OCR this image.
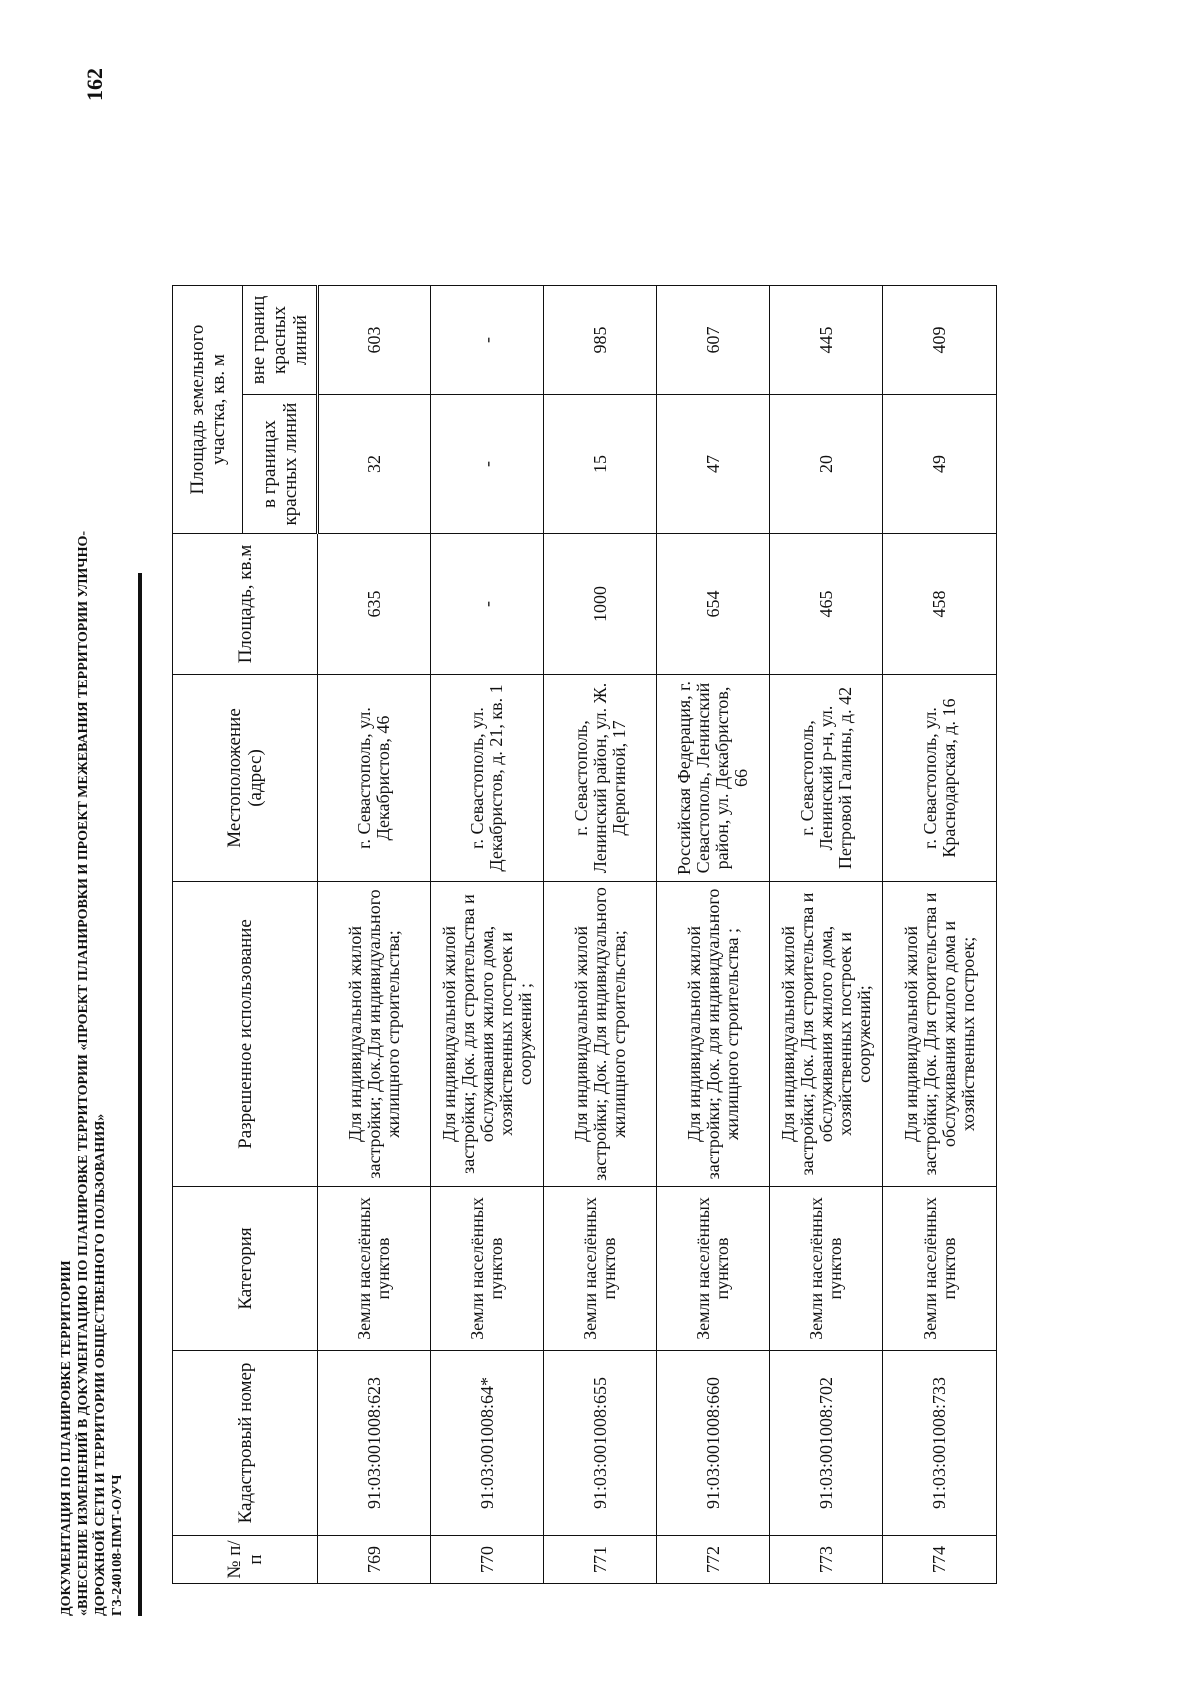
162
ДОКУМЕНТАЦИЯ ПО ПЛАНИРОВКЕ ТЕРРИТОРИИ «ВНЕСЕНИЕ ИЗМЕНЕНИЙ В ДОКУМЕНТАЦИЮ ПО ПЛАНИРОВКЕ ТЕРРИТОРИИ «ПРОЕКТ ПЛАНИРОВКИ И ПРОЕКТ МЕЖЕВАНИЯ ТЕРРИТОРИИ УЛИЧНО- ДОРОЖНОЙ СЕТИ И ТЕРРИТОРИИ ОБЩЕСТВЕННОГО ПОЛЬЗОВАНИЯ» ГЗ-240108-ПМТ-О/УЧ	№ п/п	Кадастровый номер	Категория	Разрешенное использование	Местоположение (адрес)	Площадь, кв.м	Площадь земельного участка, кв. м	
						в границах красных линий	вне границ красных линий
769	91:03:001008:623	Земли населённых пунктов	Для индивидуальной жилой застройки; Док.Для индивидуального жилищного строительства;	г. Севастополь, ул. Декабристов, 46	635	32	603
770	91:03:001008:64*	Земли населённых пунктов	Для индивидуальной жилой застройки; Док. для строительства и обслуживания жилого дома, хозяйственных построек и сооружений ;	г. Севастополь, ул. Декабристов, д. 21, кв. 1	-	-	-
771	91:03:001008:655	Земли населённых пунктов	Для индивидуальной жилой застройки; Док. Для индивидуального жилищного строительства;	г. Севастополь, Ленинский район, ул. Ж. Дерюгиной, 17	1000	15	985
772	91:03:001008:660	Земли населённых пунктов	Для индивидуальной жилой застройки; Док. для индивидуального жилищного строительства ;	Российская Федерация, г. Севастополь, Ленинский район, ул. Декабристов, 66	654	47	607
773	91:03:001008:702	Земли населённых пунктов	Для индивидуальной жилой застройки; Док. Для строительства и обслуживания жилого дома, хозяйственных построек и сооружений;	г. Севастополь, Ленинский р-н, ул. Петровой Галины, д. 42	465	20	445
774	91:03:001008:733	Земли населённых пунктов	Для индивидуальной жилой застройки; Док. Для строительства и обслуживания жилого дома и хозяйственных построек;	г. Севастополь, ул. Краснодарская, д. 16	458	49	409
